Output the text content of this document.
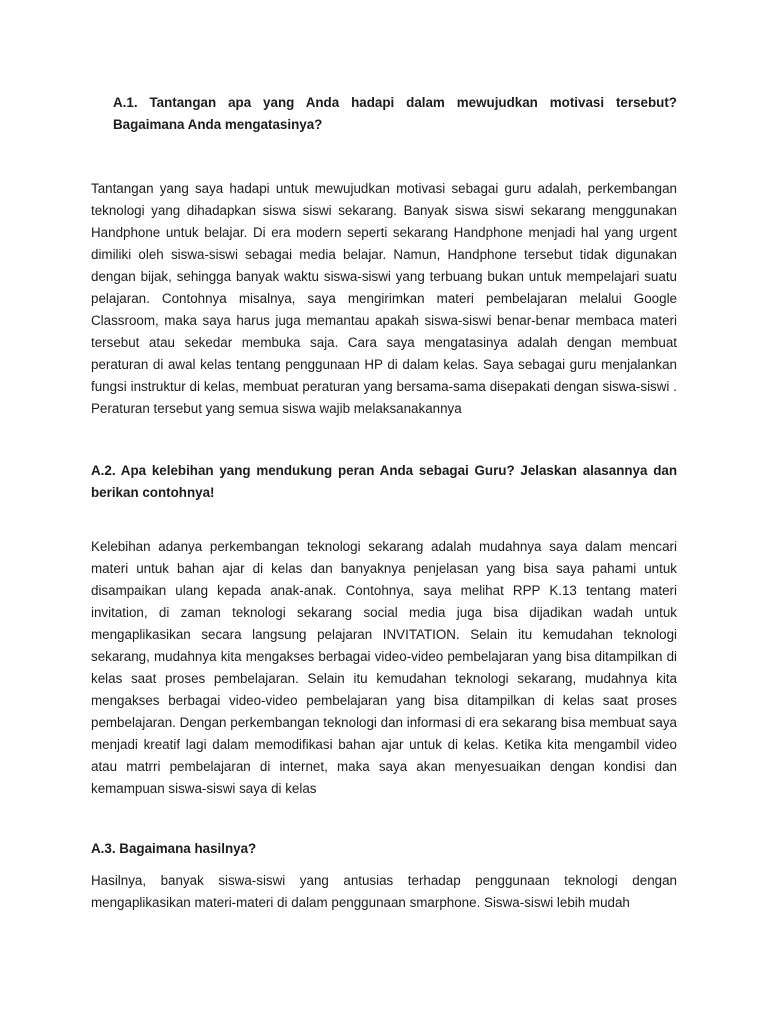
A.1. Tantangan apa yang Anda hadapi dalam mewujudkan motivasi tersebut? Bagaimana Anda mengatasinya?

Tantangan yang saya hadapi untuk mewujudkan motivasi sebagai guru adalah, perkembangan teknologi yang dihadapkan siswa siswi sekarang. Banyak siswa siswi sekarang menggunakan Handphone untuk belajar. Di era modern seperti sekarang Handphone menjadi hal yang urgent dimiliki oleh siswa-siswi sebagai media belajar. Namun, Handphone tersebut tidak digunakan dengan bijak, sehingga banyak waktu siswa-siswi yang terbuang bukan untuk mempelajari suatu pelajaran. Contohnya misalnya, saya mengirimkan materi pembelajaran melalui Google Classroom, maka saya harus juga memantau apakah siswa-siswi benar-benar membaca materi tersebut atau sekedar membuka saja. Cara saya mengatasinya adalah dengan membuat peraturan di awal kelas tentang penggunaan HP di dalam kelas. Saya sebagai guru menjalankan fungsi instruktur di kelas, membuat peraturan yang bersama-sama disepakati dengan siswa-siswi . Peraturan tersebut yang semua siswa wajib melaksanakannya

A.2. Apa kelebihan yang mendukung peran Anda sebagai Guru? Jelaskan alasannya dan berikan contohnya!

Kelebihan adanya perkembangan teknologi sekarang adalah mudahnya saya dalam mencari materi untuk bahan ajar di kelas dan banyaknya penjelasan yang bisa saya pahami untuk disampaikan ulang kepada anak-anak. Contohnya, saya melihat RPP K.13 tentang materi invitation, di zaman teknologi sekarang social media juga bisa dijadikan wadah untuk mengaplikasikan secara langsung pelajaran INVITATION. Selain itu kemudahan teknologi sekarang, mudahnya kita mengakses berbagai video-video pembelajaran yang bisa ditampilkan di kelas saat proses pembelajaran. Selain itu kemudahan teknologi sekarang, mudahnya kita mengakses berbagai video-video pembelajaran yang bisa ditampilkan di kelas saat proses pembelajaran. Dengan perkembangan teknologi dan informasi di era sekarang bisa membuat saya menjadi kreatif lagi dalam memodifikasi bahan ajar untuk di kelas. Ketika kita mengambil video atau matrri pembelajaran di internet, maka saya akan menyesuaikan dengan kondisi dan kemampuan siswa-siswi saya di kelas

A.3. Bagaimana hasilnya?

Hasilnya, banyak siswa-siswi yang antusias terhadap penggunaan teknologi dengan mengaplikasikan materi-materi di dalam penggunaan smarphone. Siswa-siswi lebih mudah
